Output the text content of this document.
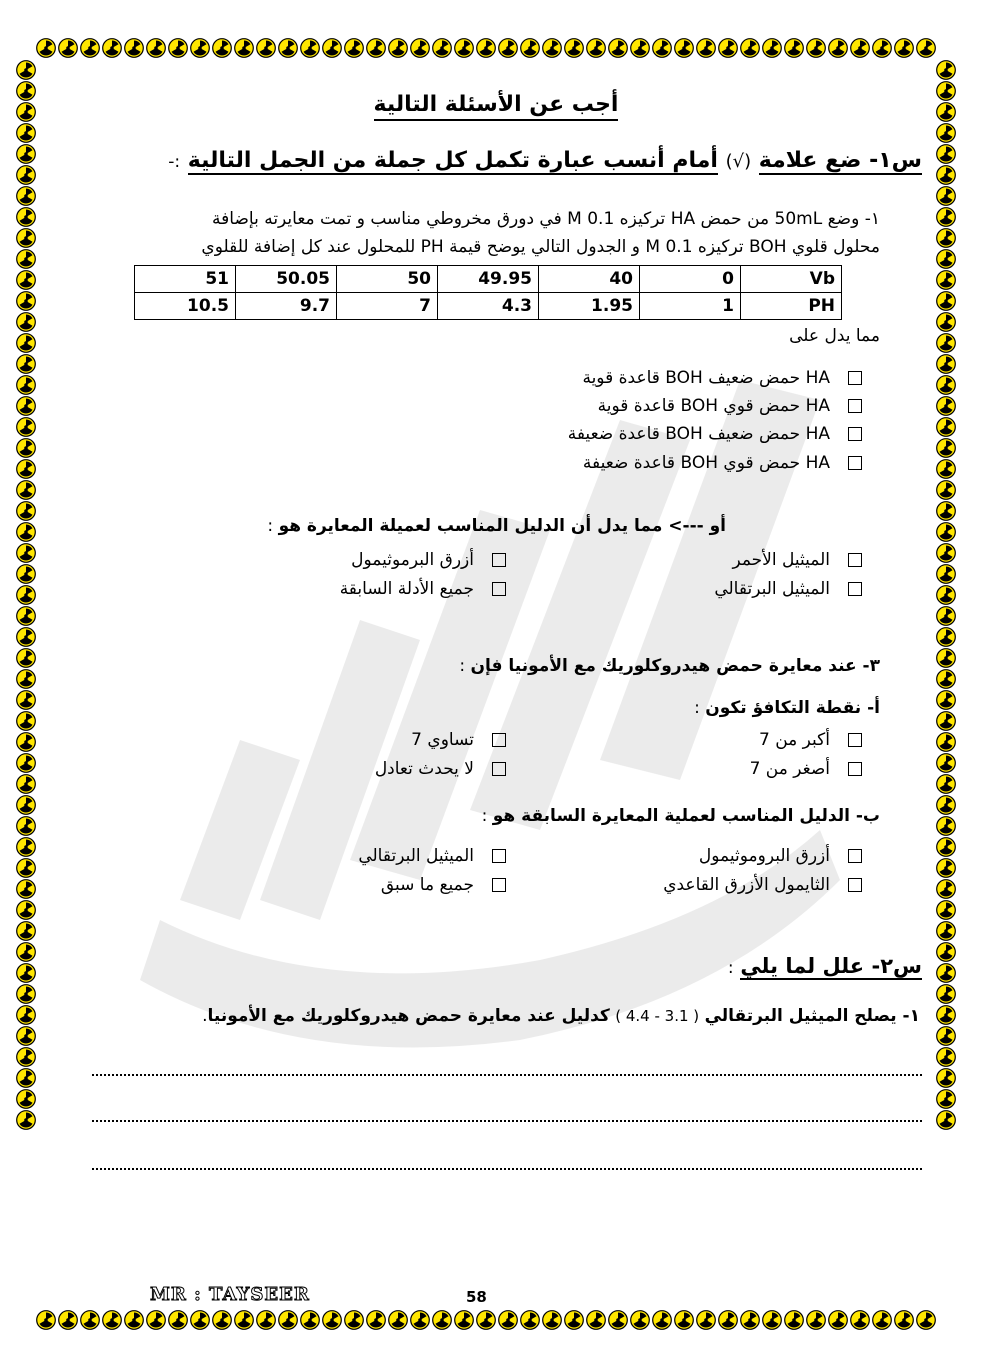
أجب عن الأسئلة التالية
س١- ضع علامة (√) أمام أنسب عبارة تكمل كل جملة من الجمل التالية :-
١- وضع 50mL من حمض HA تركيزه 0.1 M في دورق مخروطي مناسب و تمت معايرته بإضافة
محلول قلوي BOH تركيزه 0.1 M و الجدول التالي يوضح قيمة PH للمحلول عند كل إضافة للقلوي
51	50.05	50	49.95	40	0	Vb
10.5	9.7	7	4.3	1.95	1	PH
مما يدل على
HA حمض ضعيف BOH قاعدة قوية
HA حمض قوي BOH قاعدة قوية
HA حمض ضعيف BOH قاعدة ضعيفة
HA حمض قوي BOH قاعدة ضعيفة
أو ---> مما يدل أن الدليل المناسب لعميلة المعايرة هو :
الميثيل الأحمر
الميثيل البرتقالي
أزرق البرموثيمول
جميع الأدلة السابقة
٣- عند معايرة حمض هيدروكلوريك مع الأمونيا فإن :
أ- نقطة التكافؤ تكون :
أكبر من 7
أصغر من 7
تساوي 7
لا يحدث تعادل
ب- الدليل المناسب لعملية المعايرة السابقة هو :
أزرق البروموثيمول
الثايمول الأزرق القاعدي
الميثيل البرتقالي
جميع ما سبق
س٢- علل لما يلي :
١- يصلح الميثيل البرتقالي ( 3.1 - 4.4 ) كدليل عند معايرة حمض هيدروكلوريك مع الأمونيا.
MR : TAYSEER	58
